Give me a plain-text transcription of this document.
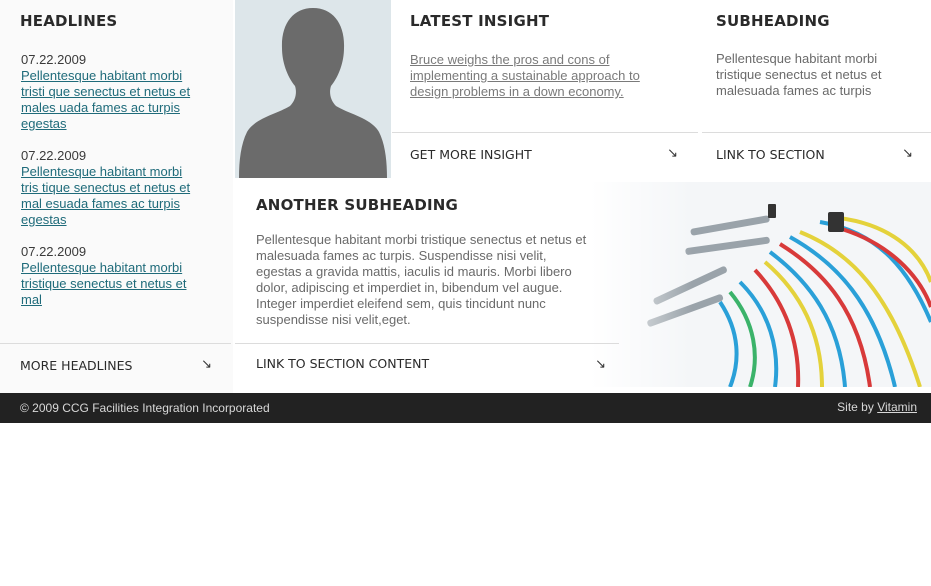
HEADLINES
07.22.2009
Pellentesque habitant morbi
tristi que senectus et netus et
males uada fames ac turpis
egestas
07.22.2009
Pellentesque habitant morbi
tris tique senectus et netus et
mal esuada fames ac turpis
egestas
07.22.2009
Pellentesque habitant morbi
tristique senectus et netus et
mal
MORE HEADLINES	↘
LATEST INSIGHT
Bruce weighs the pros and cons of
implementing a sustainable approach to
design problems in a down economy.
GET MORE INSIGHT	↘
SUBHEADING
Pellentesque habitant morbi
tristique senectus et netus et
malesuada fames ac turpis
LINK TO SECTION	↘
ANOTHER SUBHEADING
Pellentesque habitant morbi tristique senectus et netus et
malesuada fames ac turpis. Suspendisse nisi velit,
egestas a gravida mattis, iaculis id mauris. Morbi libero
dolor, adipiscing et imperdiet in, bibendum vel augue.
Integer imperdiet eleifend sem, quis tincidunt nunc
suspendisse nisi velit,eget.
LINK TO SECTION CONTENT	↘
© 2009 CCG Facilities Integration Incorporated	Site by Vitamin
